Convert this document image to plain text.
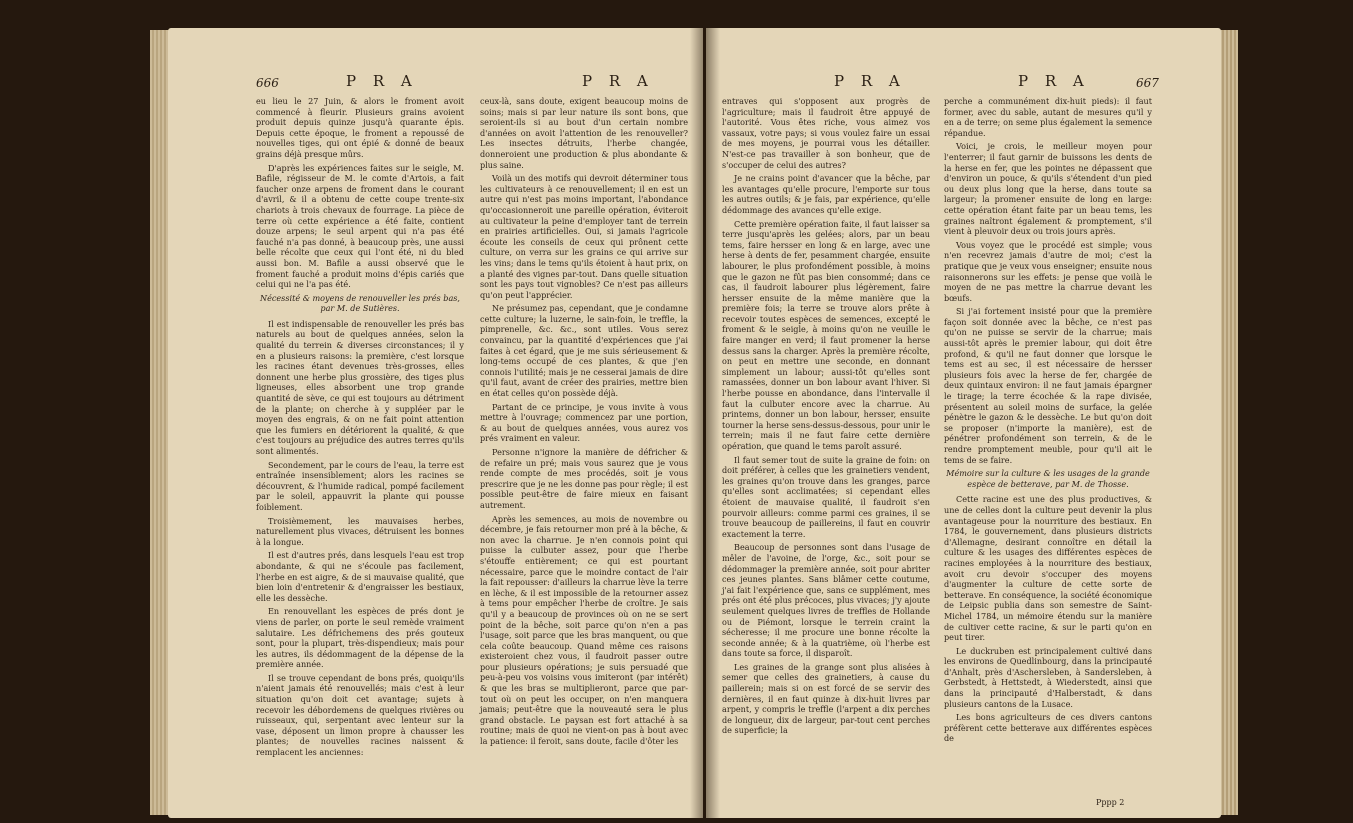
666	P R A	P R A

eu lieu le 27 Juin, & alors le froment avoit commencé à fleurir. Plusieurs grains avoient produit depuis quinze jusqu'à quarante épis. Depuis cette époque, le froment a repoussé de nouvelles tiges, qui ont épié & donné de beaux grains déjà presque mûrs.

D'après les expériences faites sur le seigle, M. Bafile, régisseur de M. le comte d'Artois, a fait faucher onze arpens de froment dans le courant d'avril, & il a obtenu de cette coupe trente-six chariots à trois chevaux de fourrage. La pièce de terre où cette expérience a été faite, contient douze arpens; le seul arpent qui n'a pas été fauché n'a pas donné, à beaucoup près, une aussi belle récolte que ceux qui l'ont été, ni du bled aussi bon. M. Bafile a aussi observé que le froment fauché a produit moins d'épis cariés que celui qui ne l'a pas été.

Nécessité & moyens de renouveller les prés bas, par M. de Sutières.

Il est indispensable de renouveller les prés bas naturels au bout de quelques années, selon la qualité du terrein & diverses circonstances; il y en a plusieurs raisons: la première, c'est lorsque les racines étant devenues très-grosses, elles donnent une herbe plus grossière, des tiges plus ligneuses, elles absorbent une trop grande quantité de sève, ce qui est toujours au détriment de la plante; on cherche à y suppléer par le moyen des engrais, & on ne fait point attention que les fumiers en détériorent la qualité, & que c'est toujours au préjudice des autres terres qu'ils sont alimentés.

Secondement, par le cours de l'eau, la terre est entraînée insensiblement; alors les racines se découvrent, & l'humide radical, pompé facilement par le soleil, appauvrit la plante qui pousse foiblement.

Troisièmement, les mauvaises herbes, naturellement plus vivaces, détruisent les bonnes à la longue.

Il est d'autres prés, dans lesquels l'eau est trop abondante, & qui ne s'écoule pas facilement, l'herbe en est aigre, & de si mauvaise qualité, que bien loin d'entretenir & d'engraisser les bestiaux, elle les dessèche.

En renouvellant les espèces de prés dont je viens de parler, on porte le seul remède vraiment salutaire. Les défrichemens des prés gouteux sont, pour la plupart, très-dispendieux; mais pour les autres, ils dédommagent de la dépense de la première année.

Il se trouve cependant de bons prés, quoiqu'ils n'aient jamais été renouvellés; mais c'est à leur situation qu'on doit cet avantage; sujets à recevoir les débordemens de quelques rivières ou ruisseaux, qui, serpentant avec lenteur sur la vase, déposent un limon propre à chausser les plantes; de nouvelles racines naissent & remplacent les anciennes:

ceux-là, sans doute, exigent beaucoup moins de soins; mais si par leur nature ils sont bons, que seroient-ils si au bout d'un certain nombre d'années on avoit l'attention de les renouveller? Les insectes détruits, l'herbe changée, donneroient une production & plus abondante & plus saine.

Voilà un des motifs qui devroit déterminer tous les cultivateurs à ce renouvellement; il en est un autre qui n'est pas moins important, l'abondance qu'occasionneroit une pareille opération, éviteroit au cultivateur la peine d'employer tant de terrein en prairies artificielles. Oui, si jamais l'agricole écoute les conseils de ceux qui prônent cette culture, on verra sur les grains ce qui arrive sur les vins; dans le tems qu'ils étoient à haut prix, on a planté des vignes par-tout. Dans quelle situation sont les pays tout vignobles? Ce n'est pas ailleurs qu'on peut l'apprécier.

Ne présumez pas, cependant, que je condamne cette culture; la luzerne, le sain-foin, le treffle, la pimprenelle, &c. &c., sont utiles. Vous serez convaincu, par la quantité d'expériences que j'ai faites à cet égard, que je me suis sérieusement & long-tems occupé de ces plantes, & que j'en connois l'utilité; mais je ne cesserai jamais de dire qu'il faut, avant de créer des prairies, mettre bien en état celles qu'on possède déjà.

Partant de ce principe, je vous invite à vous mettre à l'ouvrage; commencez par une portion, & au bout de quelques années, vous aurez vos prés vraiment en valeur.

Personne n'ignore la manière de défricher & de refaire un pré; mais vous saurez que je vous rende compte de mes procédés, soit je vous prescrire que je ne les donne pas pour règle; il est possible peut-être de faire mieux en faisant autrement.

Après les semences, au mois de novembre ou décembre, je fais retourner mon pré à la bêche, & non avec la charrue. Je n'en connois point qui puisse la culbuter assez, pour que l'herbe s'étouffe entièrement; ce qui est pourtant nécessaire, parce que le moindre contact de l'air la fait repousser: d'ailleurs la charrue lève la terre en lèche, & il est impossible de la retourner assez à tems pour empêcher l'herbe de croître. Je sais qu'il y a beaucoup de provinces où on ne se sert point de la bêche, soit parce qu'on n'en a pas l'usage, soit parce que les bras manquent, ou que cela coûte beaucoup. Quand même ces raisons existeroient chez vous, il faudroit passer outre pour plusieurs opérations; je suis persuadé que peu-à-peu vos voisins vous imiteront (par intérêt) & que les bras se multiplieront, parce que par-tout où on peut les occuper, on n'en manquera jamais; peut-être que la nouveauté sera le plus grand obstacle. Le paysan est fort attaché à sa routine; mais de quoi ne vient-on pas à bout avec la patience: il feroit, sans doute, facile d'ôter les

P R A	P R A	667

entraves qui s'opposent aux progrès de l'agriculture; mais il faudroit être appuyé de l'autorité. Vous êtes riche, vous aimez vos vassaux, votre pays; si vous voulez faire un essai de mes moyens, je pourrai vous les détailler. N'est-ce pas travailler à son bonheur, que de s'occuper de celui des autres?

Je ne crains point d'avancer que la bêche, par les avantages qu'elle procure, l'emporte sur tous les autres outils; & je fais, par expérience, qu'elle dédommage des avances qu'elle exige.

Cette première opération faite, il faut laisser sa terre jusqu'après les gelées; alors, par un beau tems, faire hersser en long & en large, avec une herse à dents de fer, pesamment chargée, ensuite labourer, le plus profondément possible, à moins que le gazon ne fût pas bien consommé; dans ce cas, il faudroit labourer plus légèrement, faire hersser ensuite de la même manière que la première fois; la terre se trouve alors prête à recevoir toutes espèces de semences, excepté le froment & le seigle, à moins qu'on ne veuille le faire manger en verd; il faut promener la herse dessus sans la charger. Après la première récolte, on peut en mettre une seconde, en donnant simplement un labour; aussi-tôt qu'elles sont ramassées, donner un bon labour avant l'hiver. Si l'herbe pousse en abondance, dans l'intervalle il faut la culbuter encore avec la charrue. Au printems, donner un bon labour, hersser, ensuite tourner la herse sens-dessus-dessous, pour unir le terrein; mais il ne faut faire cette dernière opération, que quand le tems paroît assuré.

Il faut semer tout de suite la graine de foin: on doit préférer, à celles que les grainetiers vendent, les graines qu'on trouve dans les granges, parce qu'elles sont acclimatées; si cependant elles étoient de mauvaise qualité, il faudroit s'en pourvoir ailleurs: comme parmi ces graines, il se trouve beaucoup de paillereins, il faut en couvrir exactement la terre.

Beaucoup de personnes sont dans l'usage de mêler de l'avoine, de l'orge, &c., soit pour se dédommager la première année, soit pour abriter ces jeunes plantes. Sans blâmer cette coutume, j'ai fait l'expérience que, sans ce supplément, mes prés ont été plus précoces, plus vivaces; j'y ajoute seulement quelques livres de treffles de Hollande ou de Piémont, lorsque le terrein craint la sécheresse; il me procure une bonne récolte la seconde année; & à la quatrième, où l'herbe est dans toute sa force, il disparoît.

Les graines de la grange sont plus alisées à semer que celles des grainetiers, à cause du paillerein; mais si on est forcé de se servir des dernières, il en faut quinze à dix-huit livres par arpent, y compris le treffle (l'arpent a dix perches de longueur, dix de largeur, par-tout cent perches de superficie; la

perche a communément dix-huit pieds): il faut former, avec du sable, autant de mesures qu'il y en a de terre; on seme plus également la semence répandue.

Voici, je crois, le meilleur moyen pour l'enterrer; il faut garnir de buissons les dents de la herse en fer, que les pointes ne dépassent que d'environ un pouce, & qu'ils s'étendent d'un pied ou deux plus long que la herse, dans toute sa largeur; la promener ensuite de long en large: cette opération étant faite par un beau tems, les graines naîtront également & promptement, s'il vient à pleuvoir deux ou trois jours après.

Vous voyez que le procédé est simple; vous n'en recevrez jamais d'autre de moi; c'est la pratique que je veux vous enseigner; ensuite nous raisonnerons sur les effets: je pense que voilà le moyen de ne pas mettre la charrue devant les bœufs.

Si j'ai fortement insisté pour que la première façon soit donnée avec la bêche, ce n'est pas qu'on ne puisse se servir de la charrue; mais aussi-tôt après le premier labour, qui doit être profond, & qu'il ne faut donner que lorsque le tems est au sec, il est nécessaire de hersser plusieurs fois avec la herse de fer, chargée de deux quintaux environ: il ne faut jamais épargner le tirage; la terre écochée & la rape divisée, présentent au soleil moins de surface, la gelée pénètre le gazon & le dessèche. Le but qu'on doit se proposer (n'importe la manière), est de pénétrer profondément son terrein, & de le rendre promptement meuble, pour qu'il ait le tems de se faire.

Mémoire sur la culture & les usages de la grande espèce de betterave, par M. de Thosse.

Cette racine est une des plus productives, & une de celles dont la culture peut devenir la plus avantageuse pour la nourriture des bestiaux. En 1784, le gouvernement, dans plusieurs districts d'Allemagne, desirant connoître en détail la culture & les usages des différentes espèces de racines employées à la nourriture des bestiaux, avoit cru devoir s'occuper des moyens d'augmenter la culture de cette sorte de betterave. En conséquence, la société économique de Leipsic publia dans son semestre de Saint-Michel 1784, un mémoire étendu sur la manière de cultiver cette racine, & sur le parti qu'on en peut tirer.

Le duckruben est principalement cultivé dans les environs de Quedlinbourg, dans la principauté d'Anhalt, près d'Aschersleben, à Sandersleben, à Gerbstedt, à Hettstedt, à Wiederstedt, ainsi que dans la principauté d'Halberstadt, & dans plusieurs cantons de la Lusace.

Les bons agriculteurs de ces divers cantons préfèrent cette betterave aux différentes espèces de

Pppp 2
